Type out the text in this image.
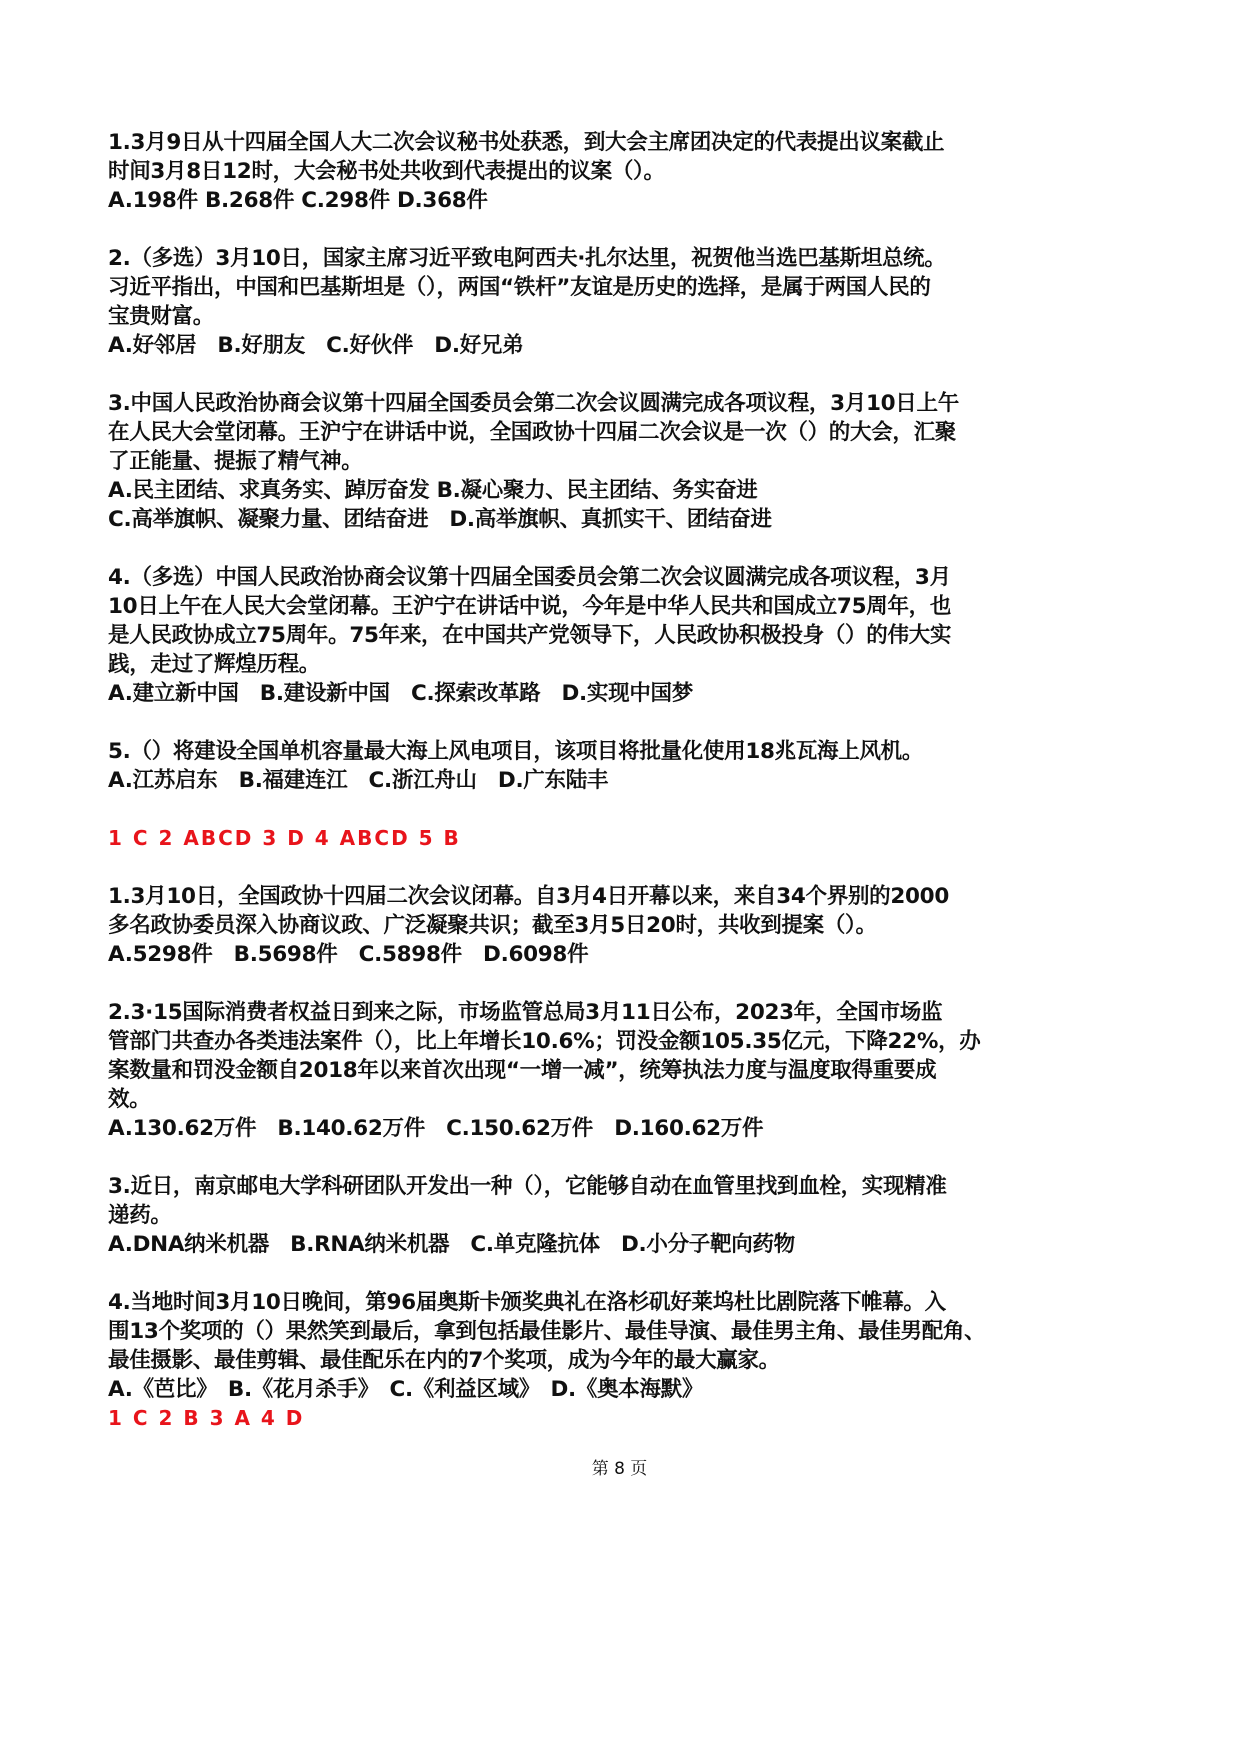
1.3月9日从十四届全国人大二次会议秘书处获悉，到大会主席团决定的代表提出议案截止
时间3月8日12时，大会秘书处共收到代表提出的议案（）。
A.198件 B.268件 C.298件 D.368件
2.（多选）3月10日，国家主席习近平致电阿西夫·扎尔达里，祝贺他当选巴基斯坦总统。
习近平指出，中国和巴基斯坦是（），两国“铁杆”友谊是历史的选择，是属于两国人民的
宝贵财富。
A.好邻居　B.好朋友　C.好伙伴　D.好兄弟
3.中国人民政治协商会议第十四届全国委员会第二次会议圆满完成各项议程，3月10日上午
在人民大会堂闭幕。王沪宁在讲话中说，全国政协十四届二次会议是一次（）的大会，汇聚
了正能量、提振了精气神。
A.民主团结、求真务实、踔厉奋发 B.凝心聚力、民主团结、务实奋进
C.高举旗帜、凝聚力量、团结奋进　D.高举旗帜、真抓实干、团结奋进
4.（多选）中国人民政治协商会议第十四届全国委员会第二次会议圆满完成各项议程，3月
10日上午在人民大会堂闭幕。王沪宁在讲话中说，今年是中华人民共和国成立75周年，也
是人民政协成立75周年。75年来，在中国共产党领导下，人民政协积极投身（）的伟大实
践，走过了辉煌历程。
A.建立新中国　B.建设新中国　C.探索改革路　D.实现中国梦
5.（）将建设全国单机容量最大海上风电项目，该项目将批量化使用18兆瓦海上风机。
A.江苏启东　B.福建连江　C.浙江舟山　D.广东陆丰
1 C 2 ABCD 3 D 4 ABCD 5 B
1.3月10日，全国政协十四届二次会议闭幕。自3月4日开幕以来，来自34个界别的2000
多名政协委员深入协商议政、广泛凝聚共识；截至3月5日20时，共收到提案（）。
A.5298件　B.5698件　C.5898件　D.6098件
2.3·15国际消费者权益日到来之际，市场监管总局3月11日公布，2023年，全国市场监
管部门共查办各类违法案件（），比上年增长10.6%；罚没金额105.35亿元，下降22%，办
案数量和罚没金额自2018年以来首次出现“一增一减”，统筹执法力度与温度取得重要成
效。
A.130.62万件　B.140.62万件　C.150.62万件　D.160.62万件
3.近日，南京邮电大学科研团队开发出一种（），它能够自动在血管里找到血栓，实现精准
递药。
A.DNA纳米机器　B.RNA纳米机器　C.单克隆抗体　D.小分子靶向药物
4.当地时间3月10日晚间，第96届奥斯卡颁奖典礼在洛杉矶好莱坞杜比剧院落下帷幕。入
围13个奖项的（）果然笑到最后，拿到包括最佳影片、最佳导演、最佳男主角、最佳男配角、
最佳摄影、最佳剪辑、最佳配乐在内的7个奖项，成为今年的最大赢家。
A.《芭比》　B.《花月杀手》　C.《利益区域》　D.《奥本海默》
1 C 2 B 3 A 4 D
第 8 页
